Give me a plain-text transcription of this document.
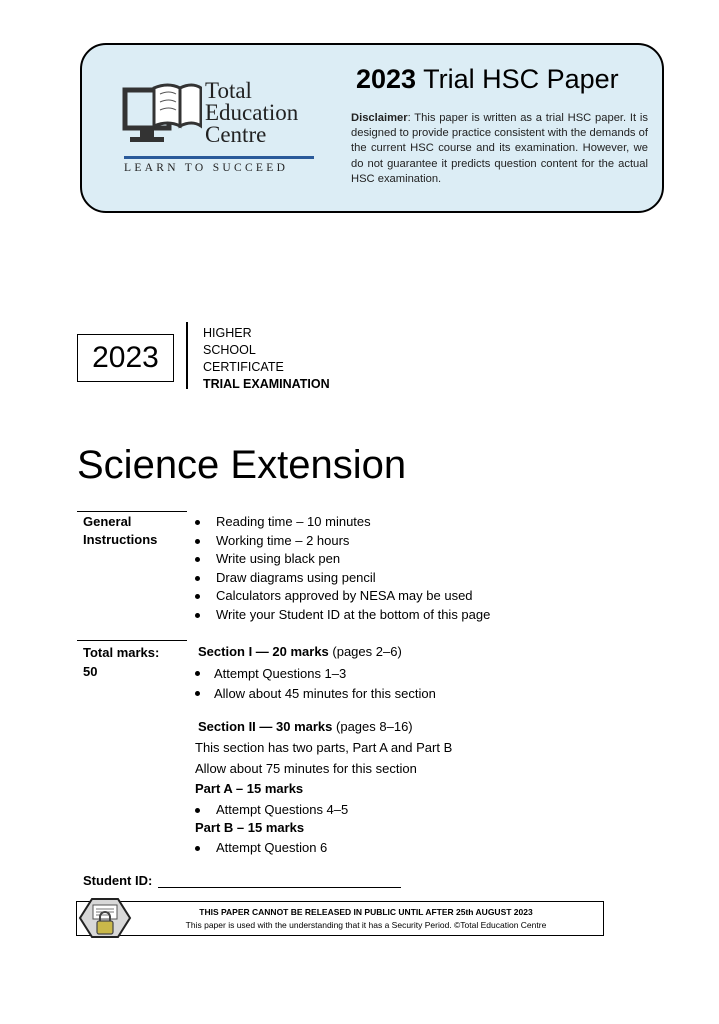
Total
Education
Centre
LEARN TO SUCCEED
2023 Trial HSC Paper
Disclaimer: This paper is written as a trial HSC paper. It is designed to provide practice consistent with the demands of the current HSC course and its examination. However, we do not guarantee it predicts question content for the actual HSC examination.
2023
HIGHER
SCHOOL
CERTIFICATE
TRIAL EXAMINATION
Science Extension
General
Instructions
Reading time – 10 minutes
Working time – 2 hours
Write using black pen
Draw diagrams using pencil
Calculators approved by NESA may be used
Write your Student ID at the bottom of this page
Total marks:
50
Section I — 20 marks (pages 2–6)
Attempt Questions 1–3
Allow about 45 minutes for this section
Section II — 30 marks (pages 8–16)
This section has two parts, Part A and Part B
Allow about 75 minutes for this section
Part A – 15 marks
Attempt Questions 4–5
Part B – 15 marks
Attempt Question 6
Student ID:
THIS PAPER CANNOT BE RELEASED IN PUBLIC UNTIL AFTER 25th AUGUST 2023
This paper is used with the understanding that it has a Security Period. ©Total Education Centre
